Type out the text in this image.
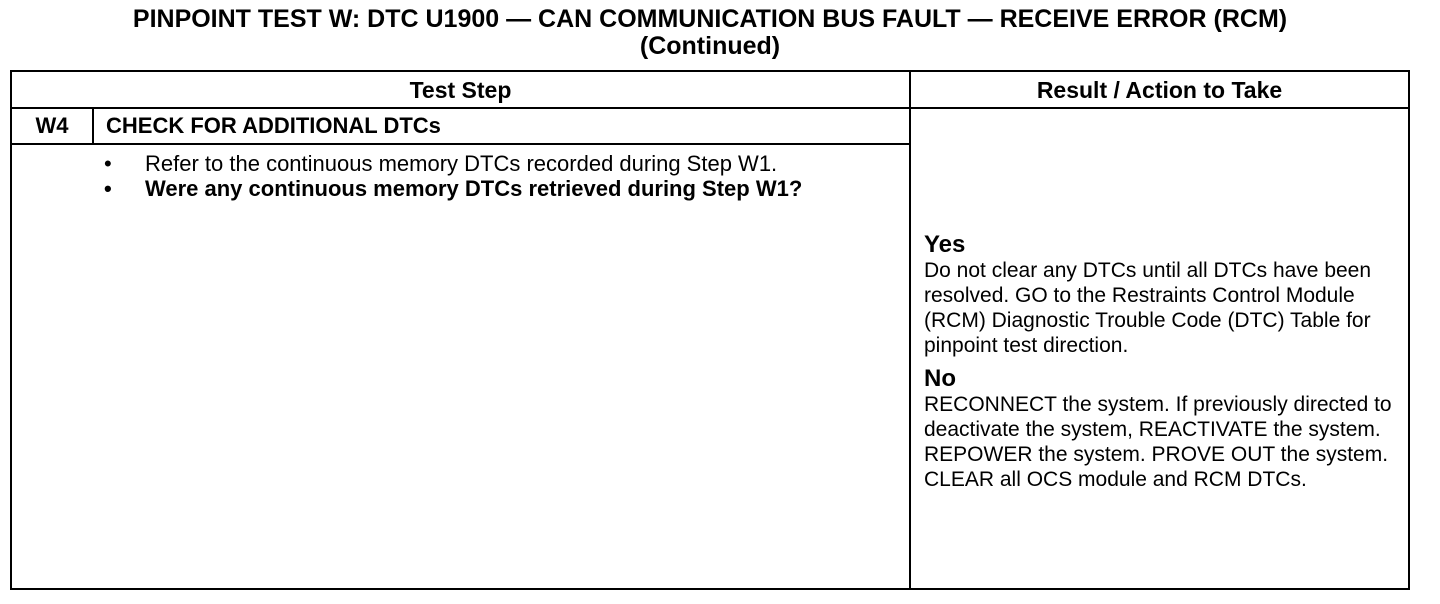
PINPOINT TEST W: DTC U1900 — CAN COMMUNICATION BUS FAULT — RECEIVE ERROR (RCM)
(Continued)
Test Step	Result / Action to Take
W4	CHECK FOR ADDITIONAL DTCs
• Refer to the continuous memory DTCs recorded during Step W1.
• Were any continuous memory DTCs retrieved during Step W1?
Yes
Do not clear any DTCs until all DTCs have been resolved. GO to the Restraints Control Module (RCM) Diagnostic Trouble Code (DTC) Table for pinpoint test direction.
No
RECONNECT the system. If previously directed to deactivate the system, REACTIVATE the system. REPOWER the system. PROVE OUT the system. CLEAR all OCS module and RCM DTCs.
